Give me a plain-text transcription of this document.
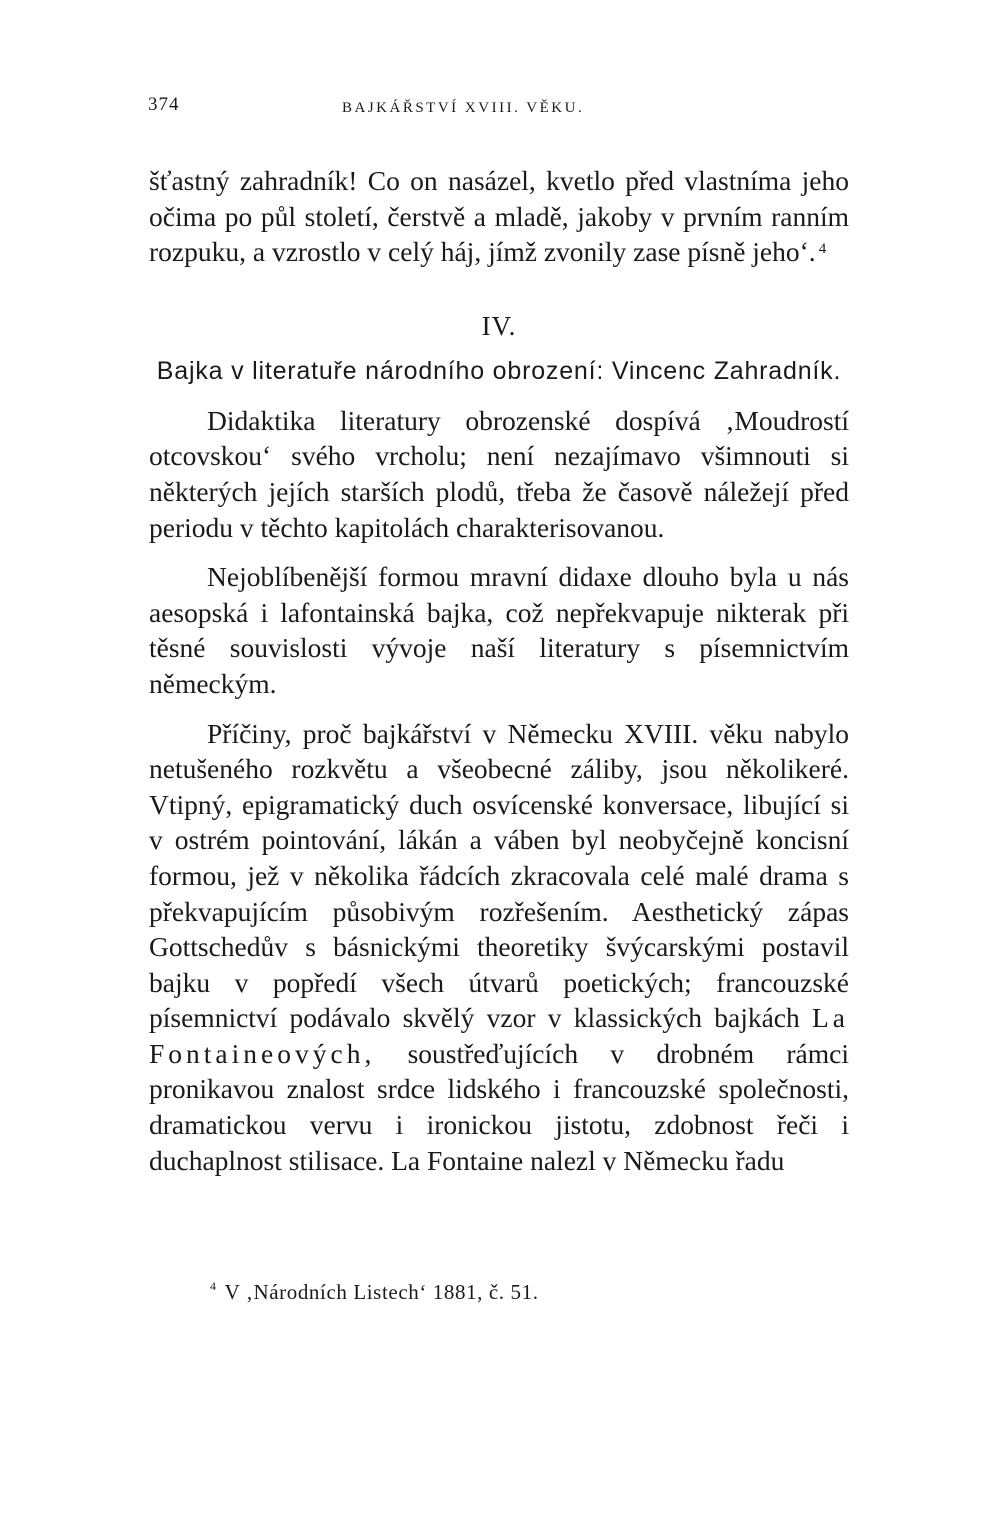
374	BAJKÁŘSTVÍ XVIII. VĚKU.

šťastný zahradník! Co on nasázel, kvetlo před vlastníma jeho očima po půl století, čerstvě a mladě, jakoby v prvním ranním rozpuku, a vzrostlo v celý háj, jímž zvonily zase písně jeho‘. $^4$

IV.
Bajka v literatuře národního obrození: Vincenc Zahradník.

Didaktika literatury obrozenské dospívá ‚Moudrostí otcovskou‘ svého vrcholu; není nezajímavo všimnouti si některých jejích starších plodů, třeba že časově náležejí před periodu v těchto kapitolách charakterisovanou.

Nejoblíbenější formou mravní didaxe dlouho byla u nás aesopská i lafontainská bajka, což nepřekvapuje nikterak při těsné souvislosti vývoje naší literatury s písemnictvím německým.

Příčiny, proč bajkářství v Německu XVIII. věku nabylo netušeného rozkvětu a všeobecné záliby, jsou několikeré. Vtipný, epigramatický duch osvícenské konversace, libující si v ostrém pointování, lákán a váben byl neobyčejně koncisní formou, jež v několika řádcích zkracovala celé malé drama s překvapujícím působivým rozřešením. Aesthetický zápas Gottschedův s básnickými theoretiky švýcarskými postavil bajku v popředí všech útvarů poetických; francouzské písemnictví podávalo skvělý vzor v klassických bajkách La Fontaineových, soustřeďujících v drobném rámci pronikavou znalost srdce lidského i francouzské společnosti, dramatickou vervu i ironickou jistotu, zdobnost řeči i duchaplnost stilisace. La Fontaine nalezl v Německu řadu

$^4$ V ‚Národních Listech‘ 1881, č. 51.
